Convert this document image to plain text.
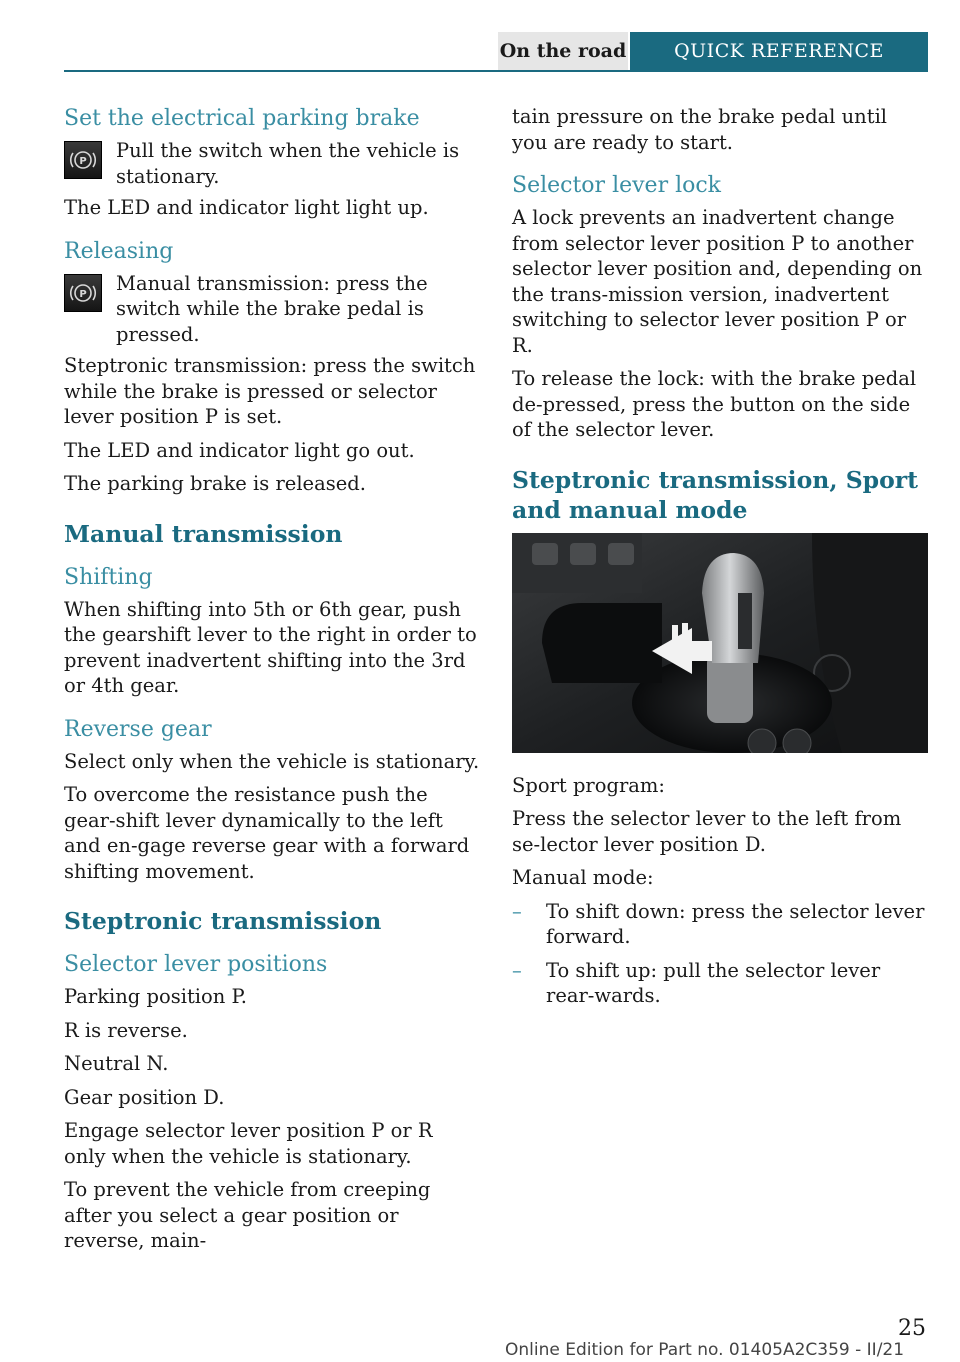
On the road	QUICK REFERENCE
Set the electrical parking brake
P Pull the switch when the vehicle is stationary.

The LED and indicator light light up.

Releasing
P Manual transmission: press the switch while the brake pedal is pressed.

Steptronic transmission: press the switch while the brake is pressed or selector lever position P is set.

The LED and indicator light go out.

The parking brake is released.

Manual transmission
Shifting

When shifting into 5th or 6th gear, push the gearshift lever to the right in order to prevent inadvertent shifting into the 3rd or 4th gear.

Reverse gear

Select only when the vehicle is stationary.

To overcome the resistance push the gear-shift lever dynamically to the left and en-gage reverse gear with a forward shifting movement.

Steptronic transmission
Selector lever positions

Parking position P.

R is reverse.

Neutral N.

Gear position D.

Engage selector lever position P or R only when the vehicle is stationary.

To prevent the vehicle from creeping after you select a gear position or reverse, main-

tain pressure on the brake pedal until you are ready to start.

Selector lever lock

A lock prevents an inadvertent change from selector lever position P to another selector lever position and, depending on the trans-mission version, inadvertent switching to selector lever position P or R.

To release the lock: with the brake pedal de-pressed, press the button on the side of the selector lever.

Steptronic transmission, Sport and manual mode

Sport program:

Press the selector lever to the left from se-lector lever position D.

Manual mode:

– To shift down: press the selector lever forward.
– To shift up: pull the selector lever rear-wards.
25
Online Edition for Part no. 01405A2C359 - II/21
